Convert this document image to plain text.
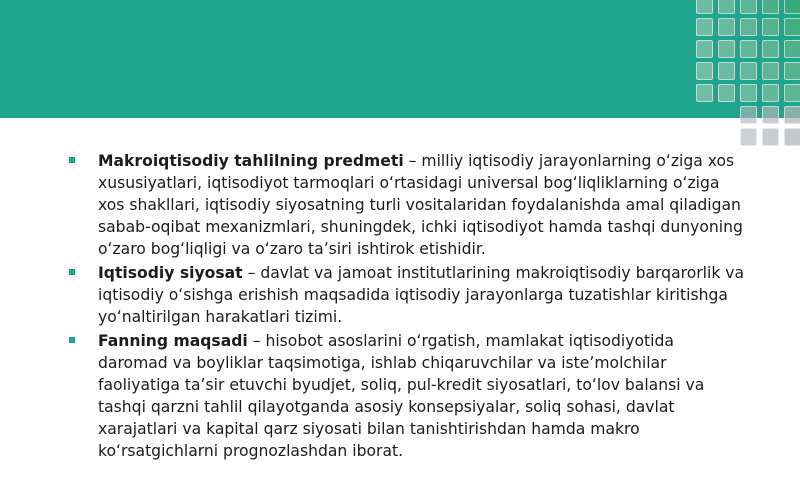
Makroiqtisodiy tahlilning predmeti – milliy iqtisodiy jarayonlarning oʻziga xos xususiyatlari, iqtisodiyot tarmoqlari oʻrtasidagi universal bogʻliqliklarning oʻziga xos shakllari, iqtisodiy siyosatning turli vositalaridan foydalanishda amal qiladigan sabab-oqibat mexanizmlari, shuningdek, ichki iqtisodiyot hamda tashqi dunyoning oʻzaro bogʻliqligi va oʻzaro taʼsiri ishtirok etishidir.
Iqtisodiy siyosat – davlat va jamoat institutlarining makroiqtisodiy barqarorlik va iqtisodiy oʻsishga erishish maqsadida iqtisodiy jarayonlarga tuzatishlar kiritishga yoʻnaltirilgan harakatlari tizimi.
Fanning maqsadi – hisobot asoslarini oʻrgatish, mamlakat iqtisodiyotida daromad va boyliklar taqsimotiga, ishlab chiqaruvchilar va isteʼmolchilar faoliyatiga taʼsir etuvchi byudjet, soliq, pul-kredit siyosatlari, toʻlov balansi va tashqi qarzni tahlil qilayotganda asosiy konsepsiyalar, soliq sohasi, davlat xarajatlari va kapital qarz siyosati bilan tanishtirishdan hamda makro koʻrsatgichlarni prognozlashdan iborat.
